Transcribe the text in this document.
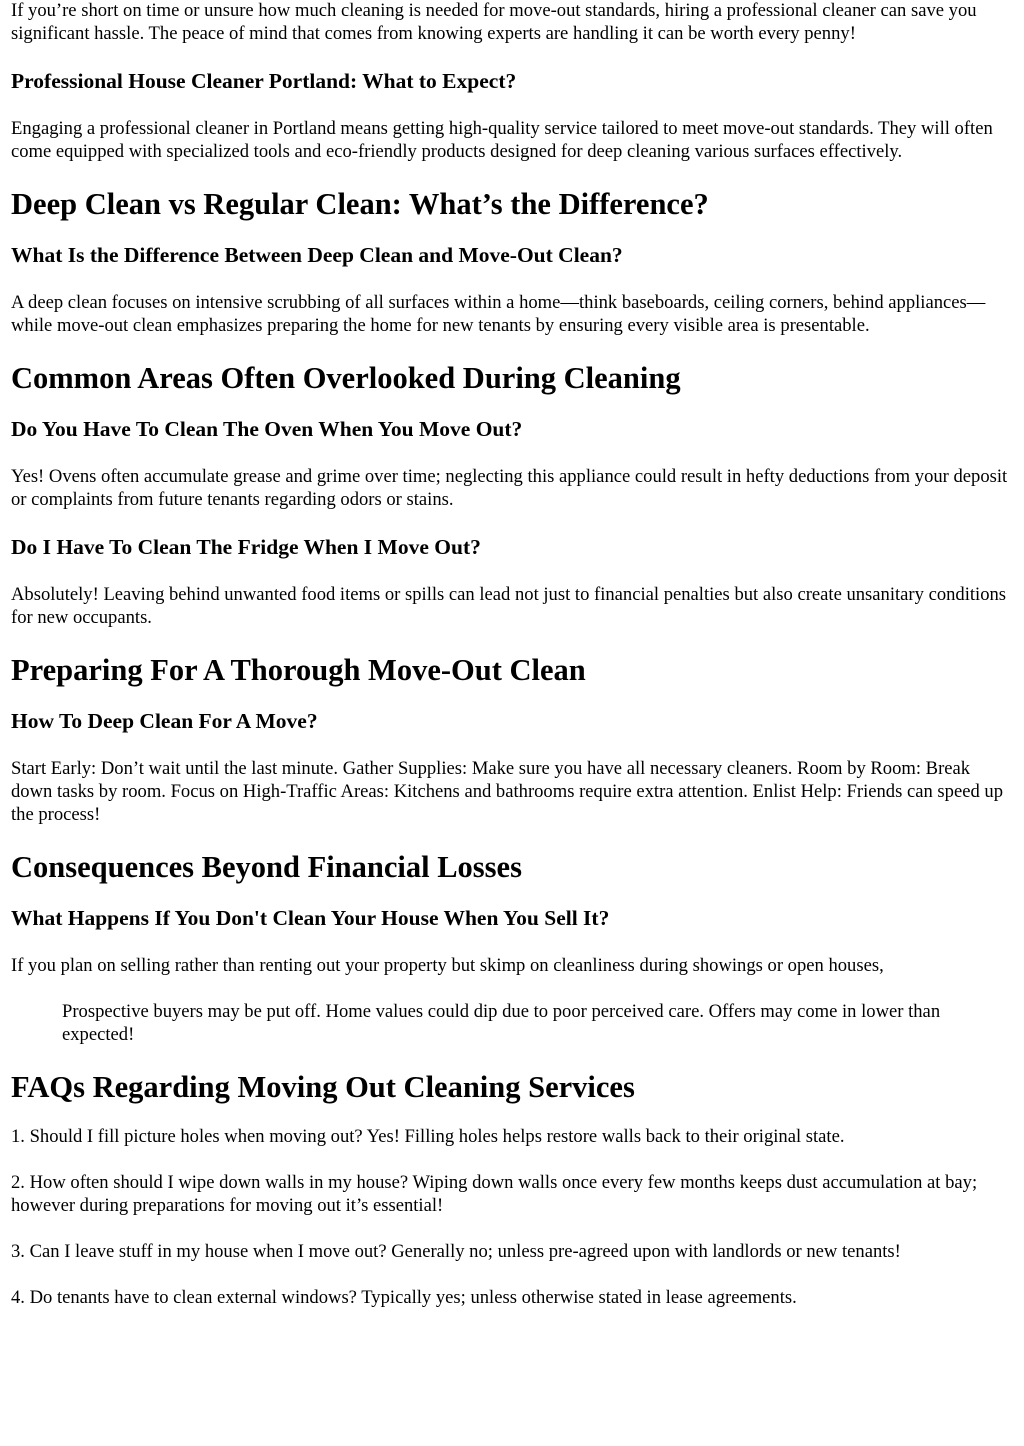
If you’re short on time or unsure how much cleaning is needed for move-out standards, hiring a professional cleaner can save you significant hassle. The peace of mind that comes from knowing experts are handling it can be worth every penny!

Professional House Cleaner Portland: What to Expect?

Engaging a professional cleaner in Portland means getting high-quality service tailored to meet move-out standards. They will often come equipped with specialized tools and eco-friendly products designed for deep cleaning various surfaces effectively.

Deep Clean vs Regular Clean: What’s the Difference?
What Is the Difference Between Deep Clean and Move-Out Clean?

A deep clean focuses on intensive scrubbing of all surfaces within a home—think baseboards, ceiling corners, behind appliances—while move-out clean emphasizes preparing the home for new tenants by ensuring every visible area is presentable.

Common Areas Often Overlooked During Cleaning
Do You Have To Clean The Oven When You Move Out?

Yes! Ovens often accumulate grease and grime over time; neglecting this appliance could result in hefty deductions from your deposit or complaints from future tenants regarding odors or stains.

Do I Have To Clean The Fridge When I Move Out?

Absolutely! Leaving behind unwanted food items or spills can lead not just to financial penalties but also create unsanitary conditions for new occupants.

Preparing For A Thorough Move-Out Clean
How To Deep Clean For A Move?

Start Early: Don’t wait until the last minute. Gather Supplies: Make sure you have all necessary cleaners. Room by Room: Break down tasks by room. Focus on High-Traffic Areas: Kitchens and bathrooms require extra attention. Enlist Help: Friends can speed up the process!

Consequences Beyond Financial Losses
What Happens If You Don't Clean Your House When You Sell It?

If you plan on selling rather than renting out your property but skimp on cleanliness during showings or open houses,

Prospective buyers may be put off. Home values could dip due to poor perceived care. Offers may come in lower than expected!
FAQs Regarding Moving Out Cleaning Services

1. Should I fill picture holes when moving out? Yes! Filling holes helps restore walls back to their original state.

2. How often should I wipe down walls in my house? Wiping down walls once every few months keeps dust accumulation at bay; however during preparations for moving out it’s essential!

3. Can I leave stuff in my house when I move out? Generally no; unless pre-agreed upon with landlords or new tenants!

4. Do tenants have to clean external windows? Typically yes; unless otherwise stated in lease agreements.
